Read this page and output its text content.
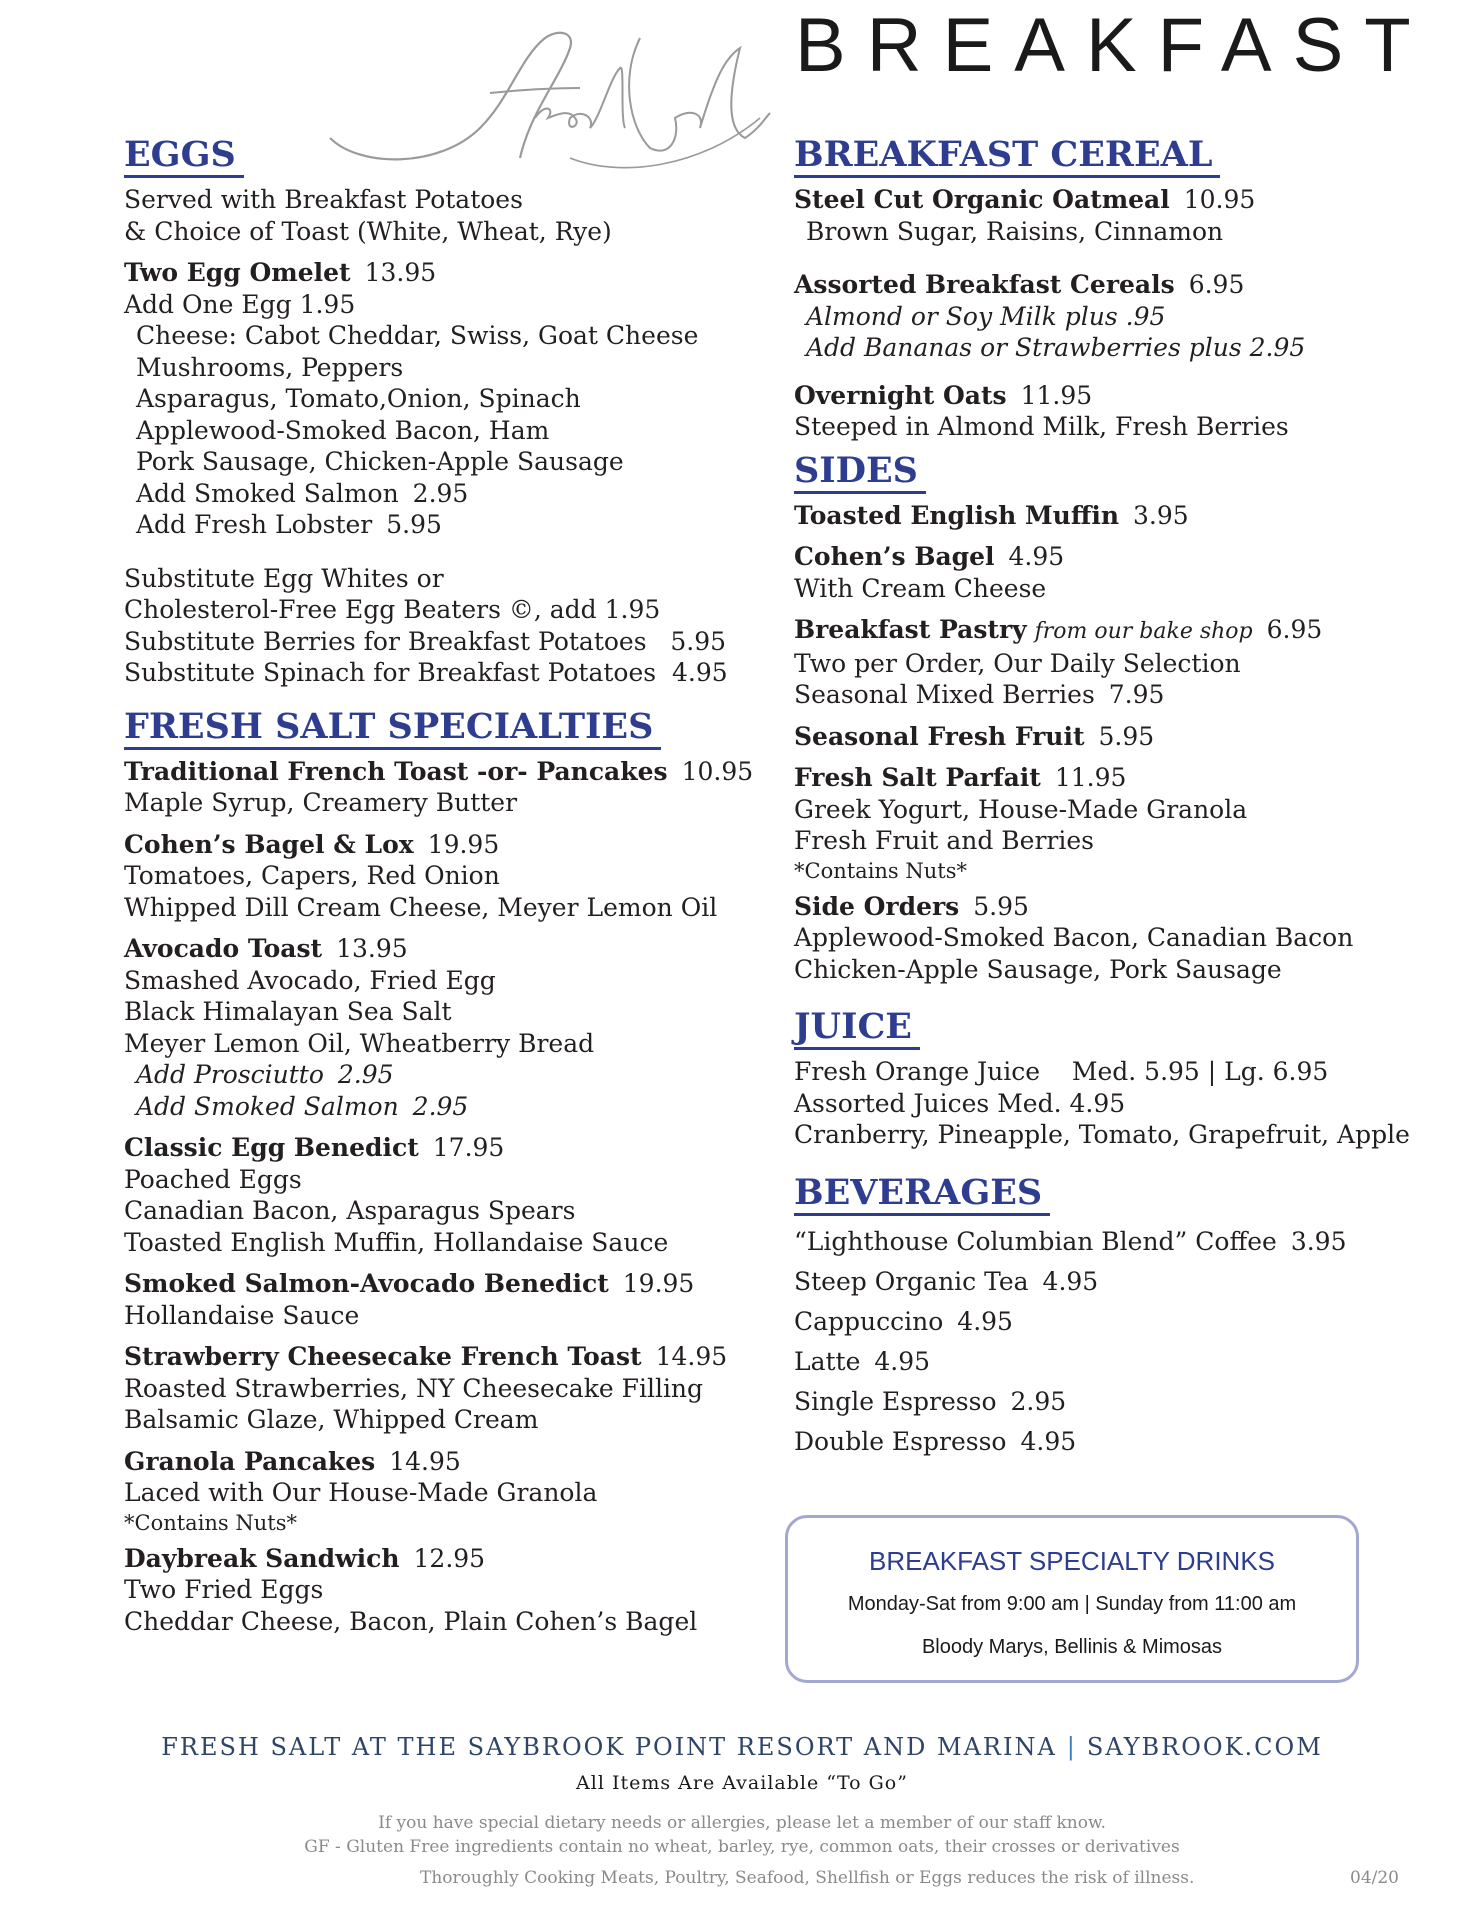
Fresh Salt	BREAKFAST
EGGS
Served with Breakfast Potatoes
& Choice of Toast (White, Wheat, Rye)
Two Egg Omelet 13.95
Add One Egg 1.95
Cheese: Cabot Cheddar, Swiss, Goat Cheese
Mushrooms, Peppers
Asparagus, Tomato,Onion, Spinach
Applewood-Smoked Bacon, Ham
Pork Sausage, Chicken-Apple Sausage
Add Smoked Salmon 2.95
Add Fresh Lobster 5.95
Substitute Egg Whites or
Cholesterol-Free Egg Beaters ©, add 1.95
Substitute Berries for Breakfast Potatoes   5.95
Substitute Spinach for Breakfast Potatoes  4.95
FRESH SALT SPECIALTIES
Traditional French Toast -or- Pancakes 10.95
Maple Syrup, Creamery Butter
Cohen’s Bagel & Lox 19.95
Tomatoes, Capers, Red Onion
Whipped Dill Cream Cheese, Meyer Lemon Oil
Avocado Toast 13.95
Smashed Avocado, Fried Egg
Black Himalayan Sea Salt
Meyer Lemon Oil, Wheatberry Bread
Add Prosciutto 2.95
Add Smoked Salmon 2.95
Classic Egg Benedict 17.95
Poached Eggs
Canadian Bacon, Asparagus Spears
Toasted English Muffin, Hollandaise Sauce
Smoked Salmon-Avocado Benedict 19.95
Hollandaise Sauce
Strawberry Cheesecake French Toast 14.95
Roasted Strawberries, NY Cheesecake Filling
Balsamic Glaze, Whipped Cream
Granola Pancakes 14.95
Laced with Our House-Made Granola
*Contains Nuts*
Daybreak Sandwich 12.95
Two Fried Eggs
Cheddar Cheese, Bacon, Plain Cohen’s Bagel
BREAKFAST CEREAL
Steel Cut Organic Oatmeal 10.95
Brown Sugar, Raisins, Cinnamon
Assorted Breakfast Cereals 6.95
Almond or Soy Milk plus .95
Add Bananas or Strawberries plus 2.95
Overnight Oats 11.95
Steeped in Almond Milk, Fresh Berries
SIDES
Toasted English Muffin 3.95
Cohen’s Bagel 4.95
With Cream Cheese
Breakfast Pastry from our bake shop 6.95
Two per Order, Our Daily Selection
Seasonal Mixed Berries 7.95
Seasonal Fresh Fruit 5.95
Fresh Salt Parfait 11.95
Greek Yogurt, House-Made Granola
Fresh Fruit and Berries
*Contains Nuts*
Side Orders 5.95
Applewood-Smoked Bacon, Canadian Bacon
Chicken-Apple Sausage, Pork Sausage
JUICE
Fresh Orange Juice    Med. 5.95 | Lg. 6.95
Assorted Juices Med. 4.95
Cranberry, Pineapple, Tomato, Grapefruit, Apple
BEVERAGES
“Lighthouse Columbian Blend” Coffee 3.95
Steep Organic Tea 4.95
Cappuccino 4.95
Latte 4.95
Single Espresso 2.95
Double Espresso 4.95
BREAKFAST SPECIALTY DRINKS
Monday-Sat from 9:00 am | Sunday from 11:00 am
Bloody Marys, Bellinis & Mimosas
FRESH SALT AT THE SAYBROOK POINT RESORT AND MARINA | SAYBROOK.COM
All Items Are Available “To Go”
If you have special dietary needs or allergies, please let a member of our staff know.
GF - Gluten Free ingredients contain no wheat, barley, rye, common oats, their crosses or derivatives
Thoroughly Cooking Meats, Poultry, Seafood, Shellfish or Eggs reduces the risk of illness.	04/20
